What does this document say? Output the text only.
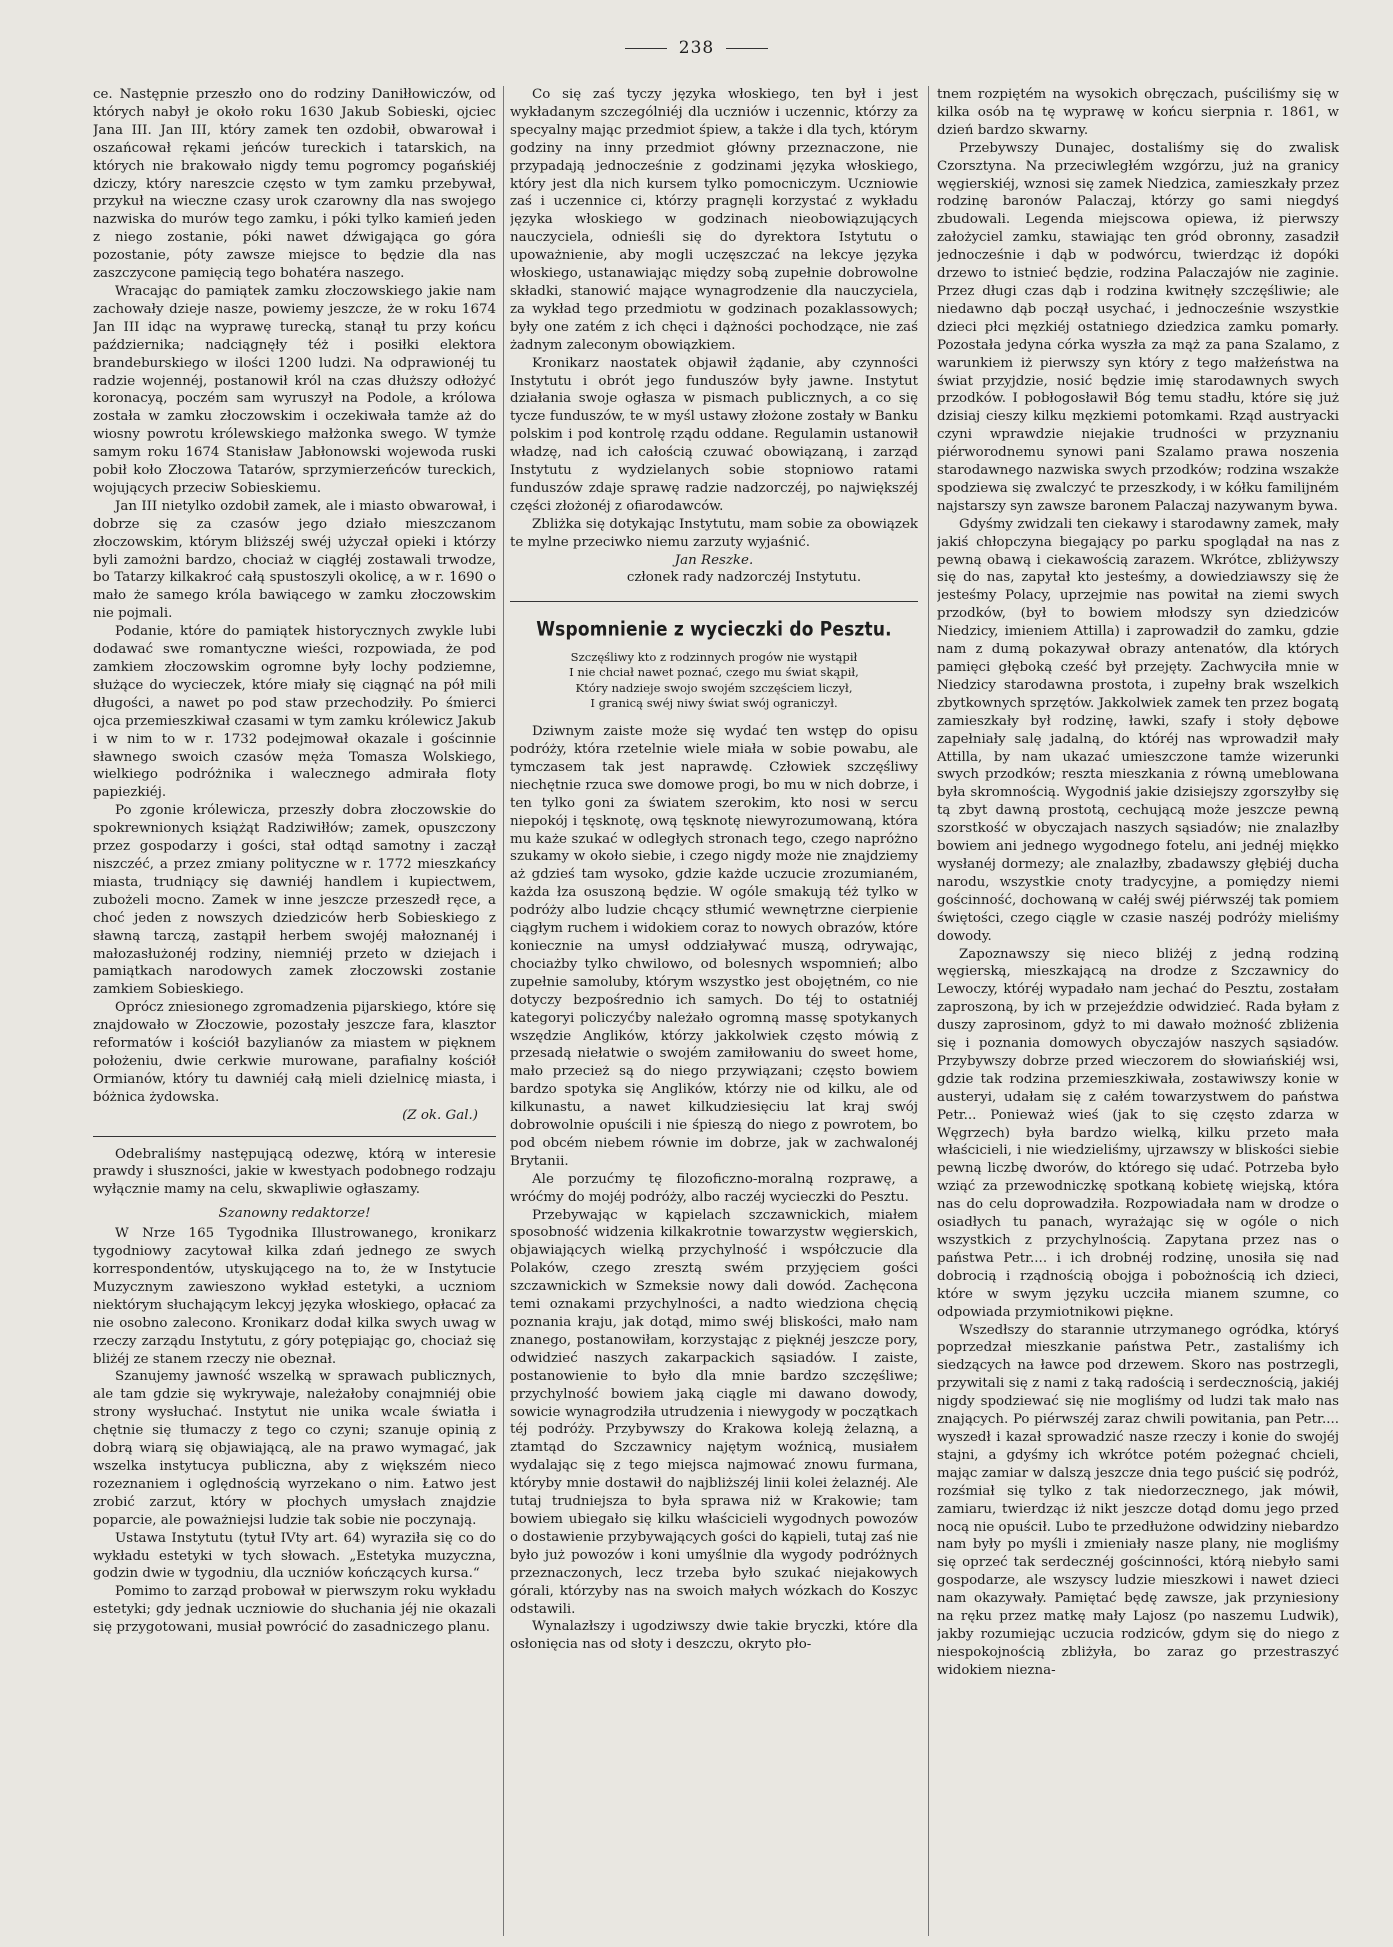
238

ce. Następnie przeszło ono do rodziny Daniłłowiczów, od których nabył je około roku 1630 Jakub Sobieski, ojciec Jana III. Jan III, który zamek ten ozdobił, obwarował i oszańcował rękami jeńców tureckich i tatarskich, na których nie brakowało nigdy temu pogromcy pogańskiéj dziczy, który nareszcie często w tym zamku przebywał, przykuł na wieczne czasy urok czarowny dla nas swojego nazwiska do murów tego zamku, i póki tylko kamień jeden z niego zostanie, póki nawet dźwigająca go góra pozostanie, póty zawsze miejsce to będzie dla nas zaszczycone pamięcią tego bohatéra naszego.

Wracając do pamiątek zamku złoczowskiego jakie nam zachowały dzieje nasze, powiemy jeszcze, że w roku 1674 Jan III idąc na wyprawę turecką, stanął tu przy końcu października; nadciągnęły téż i posiłki elektora brandeburskiego w ilości 1200 ludzi. Na odprawionéj tu radzie wojennéj, postanowił król na czas dłuższy odłożyć koronacyą, poczém sam wyruszył na Podole, a królowa została w zamku złoczowskim i oczekiwała tamże aż do wiosny powrotu królewskiego małżonka swego. W tymże samym roku 1674 Stanisław Jabłonowski wojewoda ruski pobił koło Złoczowa Tatarów, sprzymierzeńców tureckich, wojujących przeciw Sobieskiemu.

Jan III nietylko ozdobił zamek, ale i miasto obwarował, i dobrze się za czasów jego działo mieszczanom złoczowskim, którym bliższéj swéj użyczał opieki i którzy byli zamożni bardzo, chociaż w ciągłéj zostawali trwodze, bo Tatarzy kilkakroć całą spustoszyli okolicę, a w r. 1690 o mało że samego króla bawiącego w zamku złoczowskim nie pojmali.

Podanie, które do pamiątek historycznych zwykle lubi dodawać swe romantyczne wieści, rozpowiada, że pod zamkiem złoczowskim ogromne były lochy podziemne, służące do wycieczek, które miały się ciągnąć na pół mili długości, a nawet po pod staw przechodziły. Po śmierci ojca przemieszkiwał czasami w tym zamku królewicz Jakub i w nim to w r. 1732 podejmował okazale i gościnnie sławnego swoich czasów męża Tomasza Wolskiego, wielkiego podróżnika i walecznego admirała floty papiezkiéj.

Po zgonie królewicza, przeszły dobra złoczowskie do spokrewnionych książąt Radziwiłłów; zamek, opuszczony przez gospodarzy i gości, stał odtąd samotny i zaczął niszczéć, a przez zmiany polityczne w r. 1772 mieszkańcy miasta, trudniący się dawniéj handlem i kupiectwem, zubożeli mocno. Zamek w inne jeszcze przeszedł ręce, a choć jeden z nowszych dziedziców herb Sobieskiego z sławną tarczą, zastąpił herbem swojéj małoznanéj i małozasłużonéj rodziny, niemniéj przeto w dziejach i pamiątkach narodowych zamek złoczowski zostanie zamkiem Sobieskiego.

Oprócz zniesionego zgromadzenia pijarskiego, które się znajdowało w Złoczowie, pozostały jeszcze fara, klasztor reformatów i kościół bazylianów za miastem w pięknem położeniu, dwie cerkwie murowane, parafialny kościół Ormianów, który tu dawniéj całą mieli dzielnicę miasta, i bóżnica żydowska.

(Z ok. Gal.)

Odebraliśmy następującą odezwę, którą w interesie prawdy i słuszności, jakie w kwestyach podobnego rodzaju wyłącznie mamy na celu, skwapliwie ogłaszamy.

Szanowny redaktorze!

W Nrze 165 Tygodnika Illustrowanego, kronikarz tygodniowy zacytował kilka zdań jednego ze swych korrespondentów, utyskującego na to, że w Instytucie Muzycznym zawieszono wykład estetyki, a uczniom niektórym słuchającym lekcyj języka włoskiego, opłacać za nie osobno zalecono. Kronikarz dodał kilka swych uwag w rzeczy zarządu Instytutu, z góry potępiając go, chociaż się bliżéj ze stanem rzeczy nie obeznał.

Szanujemy jawność wszelką w sprawach publicznych, ale tam gdzie się wykrywaje, należałoby conajmniéj obie strony wysłuchać. Instytut nie unika wcale światła i chętnie się tłumaczy z tego co czyni; szanuje opinią z dobrą wiarą się objawiającą, ale na prawo wymagać, jak wszelka instytucya publiczna, aby z większém nieco rozeznaniem i oględnością wyrzekano o nim. Łatwo jest zrobić zarzut, który w płochych umysłach znajdzie poparcie, ale poważniejsi ludzie tak sobie nie poczynają.

Ustawa Instytutu (tytuł IVty art. 64) wyraziła się co do wykładu estetyki w tych słowach. „Estetyka muzyczna, godzin dwie w tygodniu, dla uczniów kończących kursa.“

Pomimo to zarząd probował w pierwszym roku wykładu estetyki; gdy jednak uczniowie do słuchania jéj nie okazali się przygotowani, musiał powrócić do zasadniczego planu.

Co się zaś tyczy języka włoskiego, ten był i jest wykładanym szczególniéj dla uczniów i uczennic, którzy za specyalny mając przedmiot śpiew, a także i dla tych, którym godziny na inny przedmiot główny przeznaczone, nie przypadają jednocześnie z godzinami języka włoskiego, który jest dla nich kursem tylko pomocniczym. Uczniowie zaś i uczennice ci, którzy pragnęli korzystać z wykładu języka włoskiego w godzinach nieobowiązujących nauczyciela, odnieśli się do dyrektora Istytutu o upoważnienie, aby mogli uczęszczać na lekcye języka włoskiego, ustanawiając między sobą zupełnie dobrowolne składki, stanowić mające wynagrodzenie dla nauczyciela, za wykład tego przedmiotu w godzinach pozaklassowych; były one zatém z ich chęci i dążności pochodzące, nie zaś żadnym zaleconym obowiązkiem.

Kronikarz naostatek objawił żądanie, aby czynności Instytutu i obrót jego funduszów były jawne. Instytut działania swoje ogłasza w pismach publicznych, a co się tycze funduszów, te w myśl ustawy złożone zostały w Banku polskim i pod kontrolę rządu oddane. Regulamin ustanowił władzę, nad ich całością czuwać obowiązaną, i zarząd Instytutu z wydzielanych sobie stopniowo ratami funduszów zdaje sprawę radzie nadzorczéj, po największéj części złożonéj z ofiarodawców.

Zbliżka się dotykając Instytutu, mam sobie za obowiązek te mylne przeciwko niemu zarzuty wyjaśnić.

Jan Reszke.

członek rady nadzorczéj Instytutu.

Wspomnienie z wycieczki do Pesztu.
Szczęśliwy kto z rodzinnych progów nie wystąpił
I nie chciał nawet poznać, czego mu świat skąpił,
Który nadzieje swojo swojém szczęściem liczył,
I granicą swéj niwy świat swój ograniczył.

Dziwnym zaiste może się wydać ten wstęp do opisu podróży, która rzetelnie wiele miała w sobie powabu, ale tymczasem tak jest naprawdę. Człowiek szczęśliwy niechętnie rzuca swe domowe progi, bo mu w nich dobrze, i ten tylko goni za światem szerokim, kto nosi w sercu niepokój i tęsknotę, ową tęsknotę niewyrozumowaną, która mu każe szukać w odległych stronach tego, czego napróżno szukamy w około siebie, i czego nigdy może nie znajdziemy aż gdzieś tam wysoko, gdzie każde uczucie zrozumianém, każda łza osuszoną będzie. W ogóle smakują téż tylko w podróży albo ludzie chcący stłumić wewnętrzne cierpienie ciągłym ruchem i widokiem coraz to nowych obrazów, które koniecznie na umysł oddziaływać muszą, odrywając, chociażby tylko chwilowo, od bolesnych wspomnień; albo zupełnie samoluby, którym wszystko jest obojętném, co nie dotyczy bezpośrednio ich samych. Do téj to ostatniéj kategoryi policzyćby należało ogromną massę spotykanych wszędzie Anglików, którzy jakkolwiek często mówią z przesadą niełatwie o swojém zamiłowaniu do sweet home, mało przecież są do niego przywiązani; często bowiem bardzo spotyka się Anglików, którzy nie od kilku, ale od kilkunastu, a nawet kilkudziesięciu lat kraj swój dobrowolnie opuścili i nie śpieszą do niego z powrotem, bo pod obcém niebem równie im dobrze, jak w zachwalonéj Brytanii.

Ale porzućmy tę filozoficzno-moralną rozprawę, a wróćmy do mojéj podróży, albo raczéj wycieczki do Pesztu.

Przebywając w kąpielach szczawnickich, miałem sposobność widzenia kilkakrotnie towarzystw węgierskich, objawiających wielką przychylność i współczucie dla Polaków, czego zresztą swém przyjęciem gości szczawnickich w Szmeksie nowy dali dowód. Zachęcona temi oznakami przychylności, a nadto wiedziona chęcią poznania kraju, jak dotąd, mimo swéj bliskości, mało nam znanego, postanowiłam, korzystając z pięknéj jeszcze pory, odwidzieć naszych zakarpackich sąsiadów. I zaiste, postanowienie to było dla mnie bardzo szczęśliwe; przychylność bowiem jaką ciągle mi dawano dowody, sowicie wynagrodziła utrudzenia i niewygody w początkach téj podróży. Przybywszy do Krakowa koleją żelazną, a ztamtąd do Szczawnicy najętym woźnicą, musiałem wydalając się z tego miejsca najmować znowu furmana, któryby mnie dostawił do najbliższéj linii kolei żelaznéj. Ale tutaj trudniejsza to była sprawa niż w Krakowie; tam bowiem ubiegało się kilku właścicieli wygodnych powozów o dostawienie przybywających gości do kąpieli, tutaj zaś nie było już powozów i koni umyślnie dla wygody podróżnych przeznaczonych, lecz trzeba było szukać niejakowych górali, którzyby nas na swoich małych wózkach do Koszyc odstawili.

Wynalazłszy i ugodziwszy dwie takie bryczki, które dla osłonięcia nas od słoty i deszczu, okryto pło-

tnem rozpiętém na wysokich obręczach, puściliśmy się w kilka osób na tę wyprawę w końcu sierpnia r. 1861, w dzień bardzo skwarny.

Przebywszy Dunajec, dostaliśmy się do zwalisk Czorsztyna. Na przeciwległém wzgórzu, już na granicy węgierskiéj, wznosi się zamek Niedzica, zamieszkały przez rodzinę baronów Palaczaj, którzy go sami niegdyś zbudowali. Legenda miejscowa opiewa, iż pierwszy założyciel zamku, stawiając ten gród obronny, zasadził jednocześnie i dąb w podwórcu, twierdząc iż dopóki drzewo to istnieć będzie, rodzina Palaczajów nie zaginie. Przez długi czas dąb i rodzina kwitnęły szczęśliwie; ale niedawno dąb począł usychać, i jednocześnie wszystkie dzieci płci męzkiéj ostatniego dziedzica zamku pomarły. Pozostała jedyna córka wyszła za mąż za pana Szalamo, z warunkiem iż pierwszy syn który z tego małżeństwa na świat przyjdzie, nosić będzie imię starodawnych swych przodków. I pobłogosławił Bóg temu stadłu, które się już dzisiaj cieszy kilku męzkiemi potomkami. Rząd austryacki czyni wprawdzie niejakie trudności w przyznaniu piérworodnemu synowi pani Szalamo prawa noszenia starodawnego nazwiska swych przodków; rodzina wszakże spodziewa się zwalczyć te przeszkody, i w kółku familijném najstarszy syn zawsze baronem Palaczaj nazywanym bywa.

Gdyśmy zwidzali ten ciekawy i starodawny zamek, mały jakiś chłopczyna biegający po parku spoglądał na nas z pewną obawą i ciekawością zarazem. Wkrótce, zbliżywszy się do nas, zapytał kto jesteśmy, a dowiedziawszy się że jesteśmy Polacy, uprzejmie nas powitał na ziemi swych przodków, (był to bowiem młodszy syn dziedziców Niedzicy, imieniem Attilla) i zaprowadził do zamku, gdzie nam z dumą pokazywał obrazy antenatów, dla których pamięci głęboką cześć był przejęty. Zachwyciła mnie w Niedzicy starodawna prostota, i zupełny brak wszelkich zbytkownych sprzętów. Jakkolwiek zamek ten przez bogatą zamieszkały był rodzinę, ławki, szafy i stoły dębowe zapełniały salę jadalną, do któréj nas wprowadził mały Attilla, by nam ukazać umieszczone tamże wizerunki swych przodków; reszta mieszkania z równą umeblowana była skromnością. Wygodniś jakie dzisiejszy zgorszyłby się tą zbyt dawną prostotą, cechującą może jeszcze pewną szorstkość w obyczajach naszych sąsiadów; nie znalazłby bowiem ani jednego wygodnego fotelu, ani jednéj miękko wysłanéj dormezy; ale znalazłby, zbadawszy głębiéj ducha narodu, wszystkie cnoty tradycyjne, a pomiędzy niemi gościnność, dochowaną w całéj swéj piérwszéj tak pomiem świętości, czego ciągle w czasie naszéj podróży mieliśmy dowody.

Zapoznawszy się nieco bliżéj z jedną rodziną węgierską, mieszkającą na drodze z Szczawnicy do Lewoczy, któréj wypadało nam jechać do Pesztu, zostałam zaproszoną, by ich w przejeździe odwidzieć. Rada byłam z duszy zaprosinom, gdyż to mi dawało możność zbliżenia się i poznania domowych obyczajów naszych sąsiadów. Przybywszy dobrze przed wieczorem do słowiańskiéj wsi, gdzie tak rodzina przemieszkiwała, zostawiwszy konie w austeryi, udałam się z całém towarzystwem do państwa Petr... Ponieważ wieś (jak to się często zdarza w Węgrzech) była bardzo wielką, kilku przeto mała właścicieli, i nie wiedzieliśmy, ujrzawszy w bliskości siebie pewną liczbę dworów, do którego się udać. Potrzeba było wziąć za przewodniczkę spotkaną kobietę wiejską, która nas do celu doprowadziła. Rozpowiadała nam w drodze o osiadłych tu panach, wyrażając się w ogóle o nich wszystkich z przychylnością. Zapytana przez nas o państwa Petr.... i ich drobnéj rodzinę, unosiła się nad dobrocią i rządnością obojga i pobożnością ich dzieci, które w swym języku uczciła mianem szumne, co odpowiada przymiotnikowi piękne.

Wszedłszy do starannie utrzymanego ogródka, któryś poprzedzał mieszkanie państwa Petr., zastaliśmy ich siedzących na ławce pod drzewem. Skoro nas postrzegli, przywitali się z nami z taką radością i serdecznością, jakiéj nigdy spodziewać się nie mogliśmy od ludzi tak mało nas znających. Po piérwszéj zaraz chwili powitania, pan Petr.... wyszedł i kazał sprowadzić nasze rzeczy i konie do swojéj stajni, a gdyśmy ich wkrótce potém pożegnać chcieli, mając zamiar w dalszą jeszcze dnia tego puścić się podróż, rozśmiał się tylko z tak niedorzecznego, jak mówił, zamiaru, twierdząc iż nikt jeszcze dotąd domu jego przed nocą nie opuścił. Lubo te przedłużone odwidziny niebardzo nam były po myśli i zmieniały nasze plany, nie mogliśmy się oprzeć tak serdecznéj gościnności, którą niebyło sami gospodarze, ale wszyscy ludzie mieszkowi i nawet dzieci nam okazywały. Pamiętać będę zawsze, jak przyniesiony na ręku przez matkę mały Lajosz (po naszemu Ludwik), jakby rozumiejąc uczucia rodziców, gdym się do niego z niespokojnością zbliżyła, bo zaraz go przestraszyć widokiem niezna-
